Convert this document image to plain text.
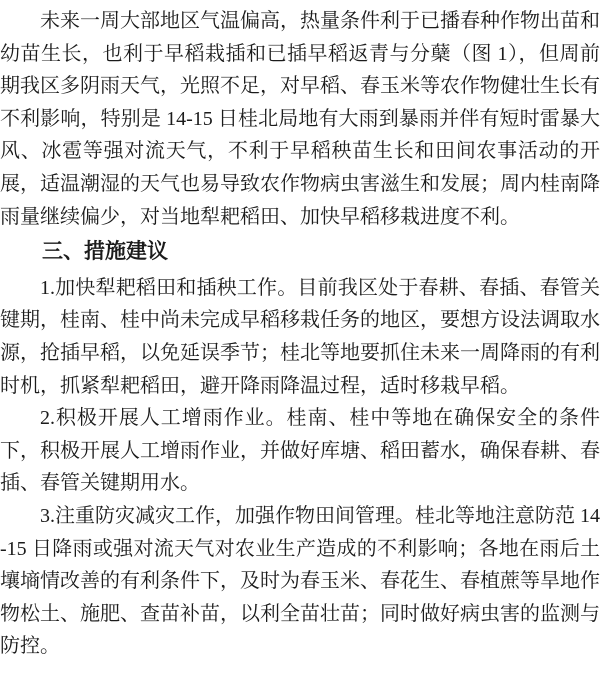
未来一周大部地区气温偏高，热量条件利于已播春种作物出苗和幼苗生长，也利于早稻栽插和已插早稻返青与分蘖（图 1），但周前期我区多阴雨天气，光照不足，对早稻、春玉米等农作物健壮生长有不利影响，特别是 14-15 日桂北局地有大雨到暴雨并伴有短时雷暴大风、冰雹等强对流天气，不利于早稻秧苗生长和田间农事活动的开展，适温潮湿的天气也易导致农作物病虫害滋生和发展；周内桂南降雨量继续偏少，对当地犁耙稻田、加快早稻移栽进度不利。

三、措施建议

1.加快犁耙稻田和插秧工作。目前我区处于春耕、春插、春管关键期，桂南、桂中尚未完成早稻移栽任务的地区，要想方设法调取水源，抢插早稻，以免延误季节；桂北等地要抓住未来一周降雨的有利时机，抓紧犁耙稻田，避开降雨降温过程，适时移栽早稻。

2.积极开展人工增雨作业。桂南、桂中等地在确保安全的条件下，积极开展人工增雨作业，并做好库塘、稻田蓄水，确保春耕、春插、春管关键期用水。

3.注重防灾减灾工作，加强作物田间管理。桂北等地注意防范 14-15 日降雨或强对流天气对农业生产造成的不利影响；各地在雨后土壤墒情改善的有利条件下，及时为春玉米、春花生、春植蔗等旱地作物松土、施肥、查苗补苗，以利全苗壮苗；同时做好病虫害的监测与防控。
